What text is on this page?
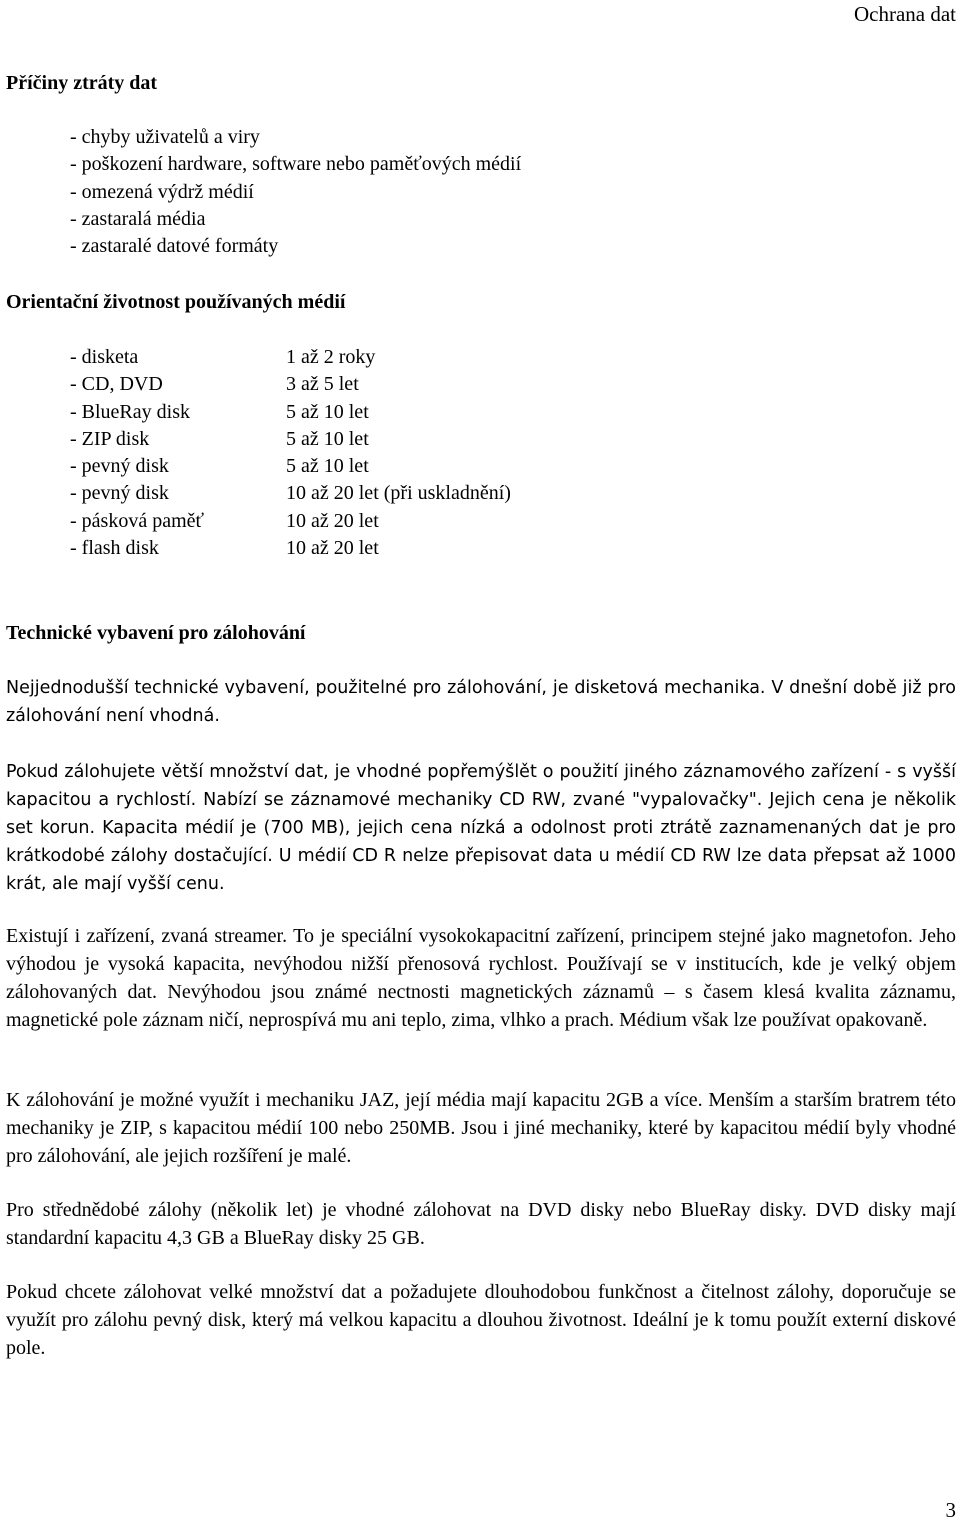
Ochrana dat
Příčiny ztráty dat
- chyby uživatelů a viry
- poškození hardware, software nebo paměťových médií
- omezená výdrž médií
- zastaralá média
- zastaralé datové formáty
Orientační životnost používaných médií
- disketa	1 až 2 roky
- CD, DVD	3 až 5 let
- BlueRay disk	5 až 10 let
- ZIP disk	5 až 10 let
- pevný disk	5 až 10 let
- pevný disk	10 až 20 let (při uskladnění)
- pásková paměť	10 až 20 let
- flash disk	10 až 20 let
Technické vybavení pro zálohování

Nejjednodušší technické vybavení, použitelné pro zálohování, je disketová mechanika. V dnešní době již pro zálohování není vhodná.

Pokud zálohujete větší množství dat, je vhodné popřemýšlět o použití jiného záznamového zařízení - s vyšší kapacitou a rychlostí. Nabízí se záznamové mechaniky CD RW, zvané "vypalovačky". Jejich cena je několik set korun. Kapacita médií je (700 MB), jejich cena nízká a odolnost proti ztrátě zaznamenaných dat je pro krátkodobé zálohy dostačující. U médií CD R nelze přepisovat data u médií CD RW lze data přepsat až 1000 krát, ale mají vyšší cenu.

Existují i zařízení, zvaná streamer. To je speciální vysokokapacitní zařízení, principem stejné jako magnetofon. Jeho výhodou je vysoká kapacita, nevýhodou nižší přenosová rychlost. Používají se v institucích, kde je velký objem zálohovaných dat. Nevýhodou jsou známé nectnosti magnetických záznamů – s časem klesá kvalita záznamu, magnetické pole záznam ničí, neprospívá mu ani teplo, zima, vlhko a prach. Médium však lze používat opakovaně.

K zálohování je možné využít i mechaniku JAZ, její média mají kapacitu 2GB a více. Menším a starším bratrem této mechaniky je ZIP, s kapacitou médií 100 nebo 250MB. Jsou i jiné mechaniky, které by kapacitou médií byly vhodné pro zálohování, ale jejich rozšíření je malé.

Pro střednědobé zálohy (několik let) je vhodné zálohovat na DVD disky nebo BlueRay disky. DVD disky mají standardní kapacitu 4,3 GB a BlueRay disky 25 GB.

Pokud chcete zálohovat velké množství dat a požadujete dlouhodobou funkčnost a čitelnost zálohy, doporučuje se využít pro zálohu pevný disk, který má velkou kapacitu a dlouhou životnost. Ideální je k tomu použít externí diskové pole.

3
